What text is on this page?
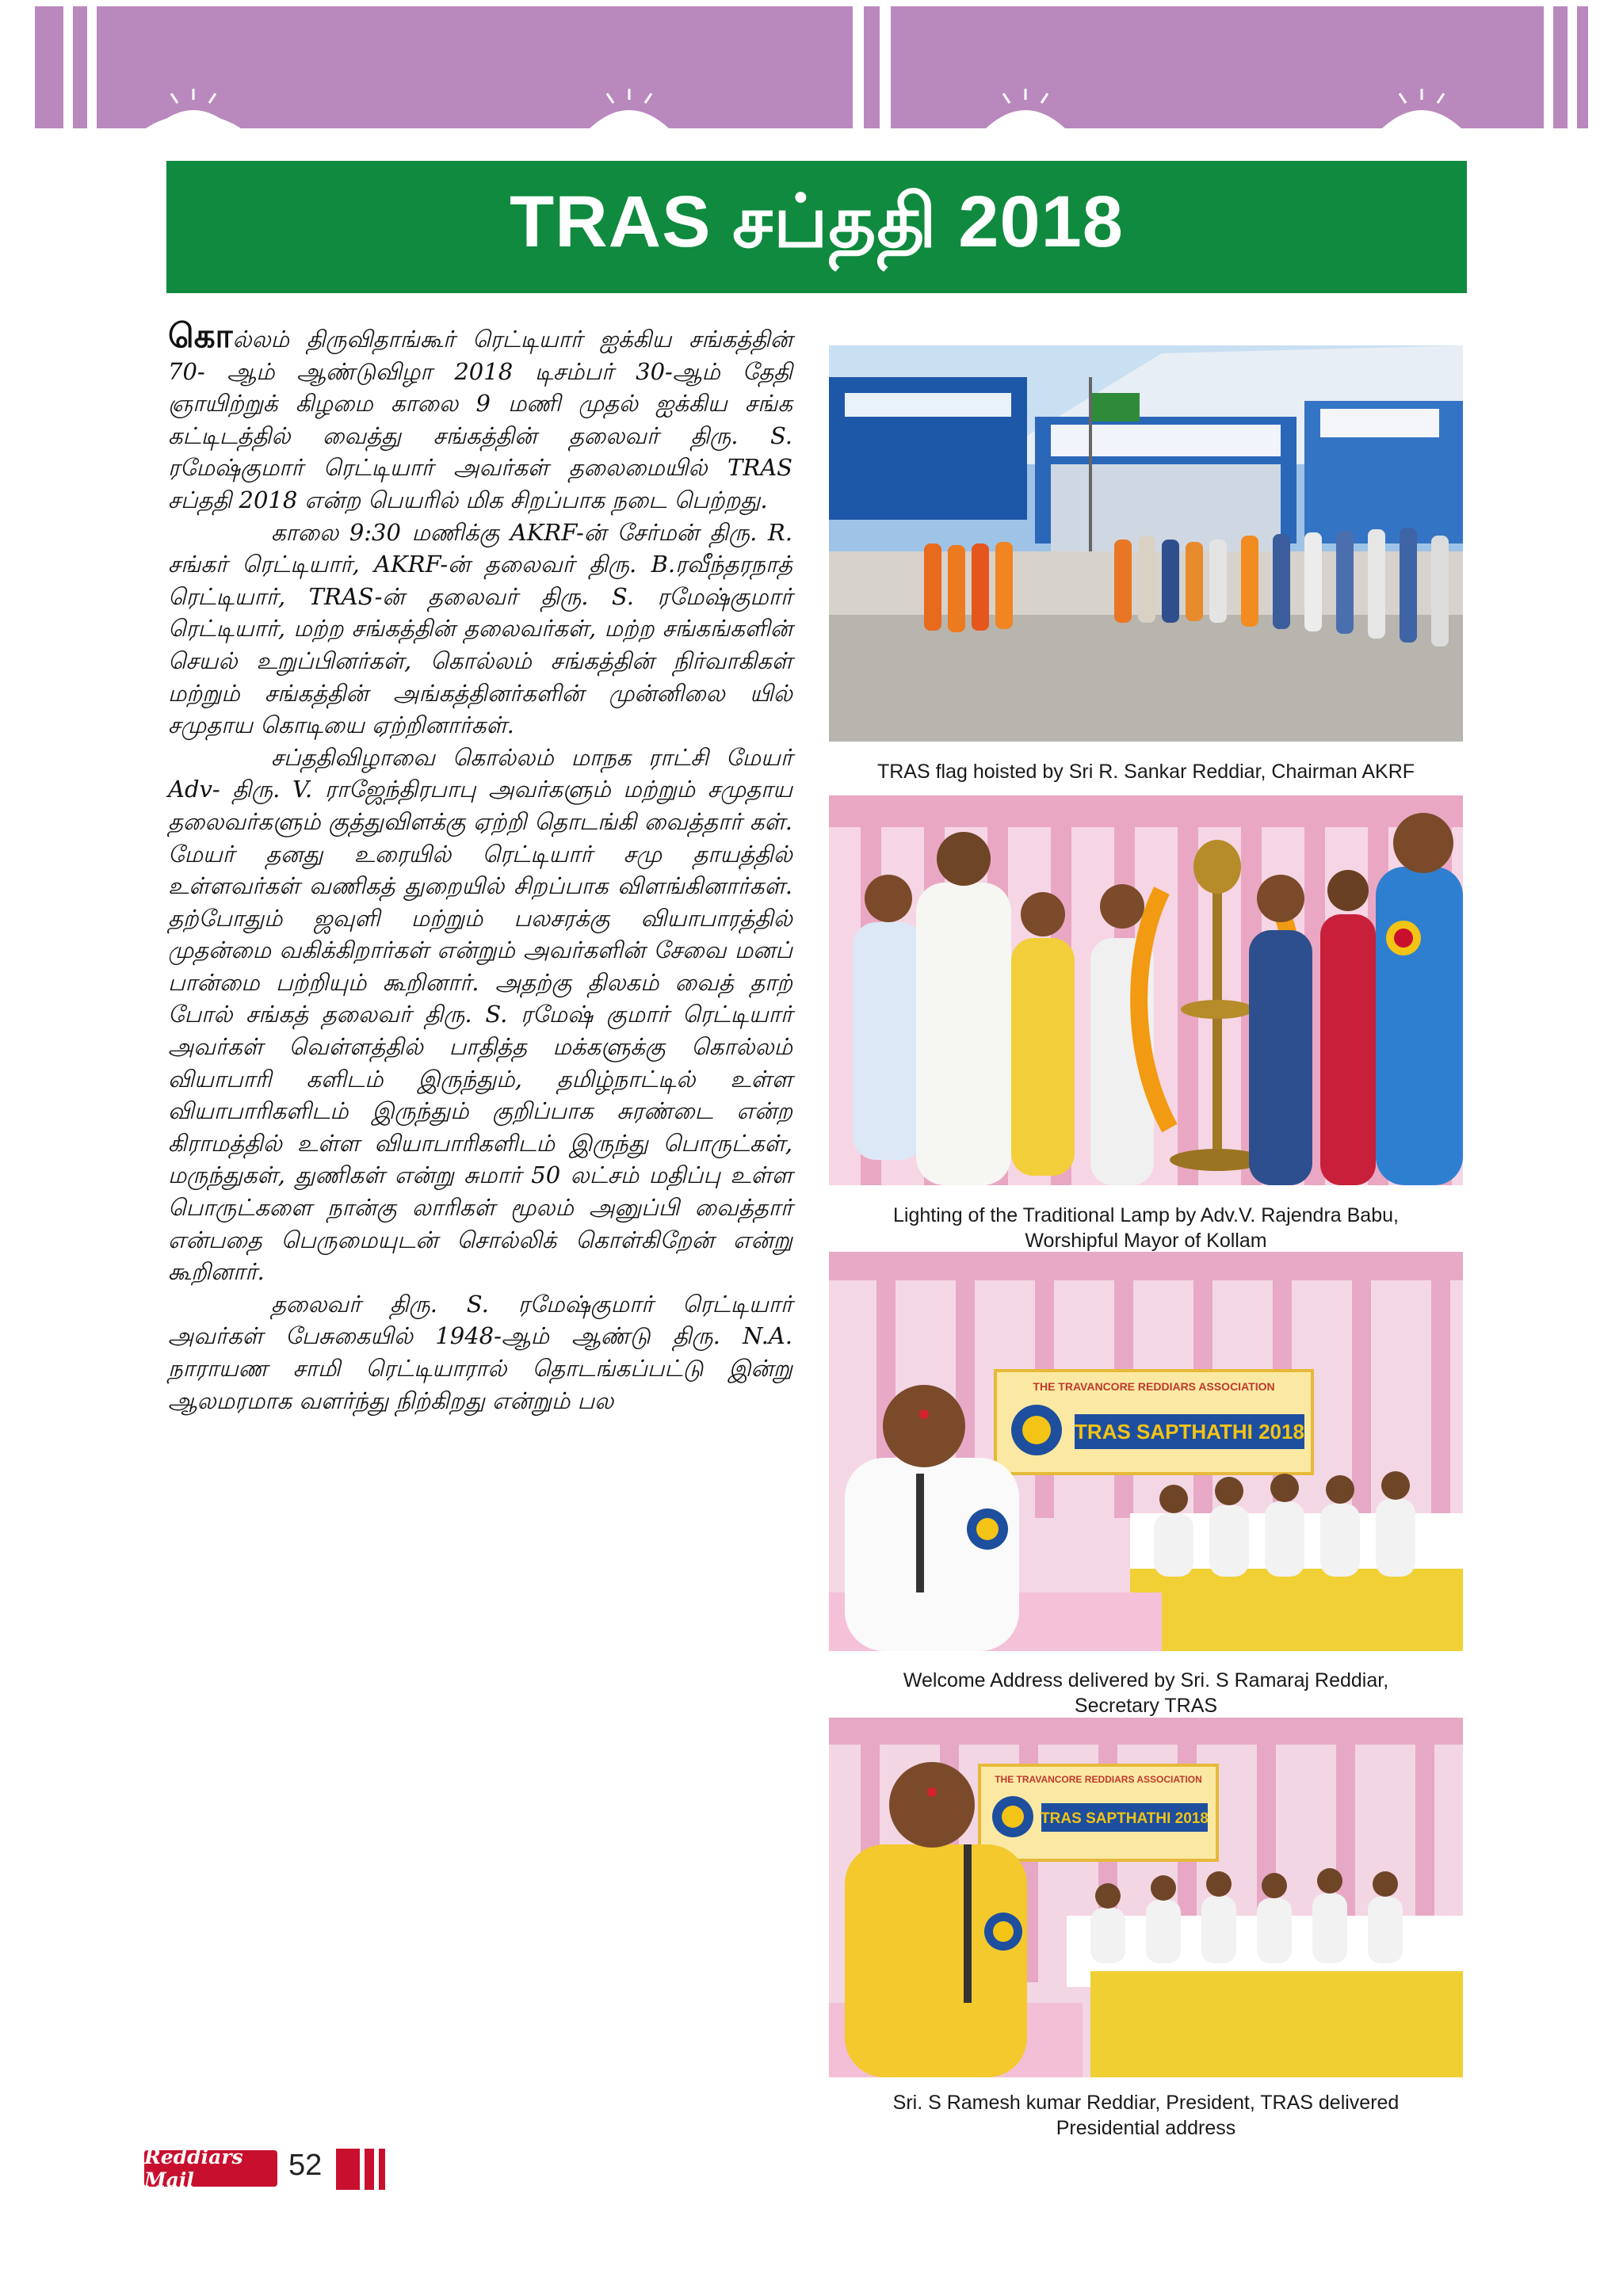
TRAS சப்ததி 2018

கொல்லம் திருவிதாங்கூர் ரெட்டியார் ஐக்கிய சங்கத்தின் 70- ஆம் ஆண்டுவிழா 2018 டிசம்பர் 30-ஆம் தேதி ஞாயிற்றுக் கிழமை காலை 9 மணி முதல் ஐக்கிய சங்க கட்டிடத்தில் வைத்து சங்கத்தின் தலைவர் திரு. S. ரமேஷ்குமார் ரெட்டியார் அவர்கள் தலைமையில் TRAS சப்ததி 2018 என்ற பெயரில் மிக சிறப்பாக நடை பெற்றது.

காலை 9:30 மணிக்கு AKRF-ன் சேர்மன் திரு. R. சங்கர் ரெட்டியார், AKRF-ன் தலைவர் திரு. B.ரவீந்தரநாத் ரெட்டியார், TRAS-ன் தலைவர் திரு. S. ரமேஷ்குமார் ரெட்டியார், மற்ற சங்கத்தின் தலைவர்கள், மற்ற சங்கங்களின் செயல் உறுப்பினர்கள், கொல்லம் சங்கத்தின் நிர்வாகிகள் மற்றும் சங்கத்தின் அங்கத்தினர்களின் முன்னிலை யில் சமுதாய கொடியை ஏற்றினார்கள்.

சப்ததிவிழாவை கொல்லம் மாநக ராட்சி மேயர் Adv- திரு. V. ராஜேந்திரபாபு அவர்களும் மற்றும் சமுதாய தலைவர்களும் குத்துவிளக்கு ஏற்றி தொடங்கி வைத்தார் கள். மேயர் தனது உரையில் ரெட்டியார் சமு தாயத்தில் உள்ளவர்கள் வணிகத் துறையில் சிறப்பாக விளங்கினார்கள். தற்போதும் ஜவுளி மற்றும் பலசரக்கு வியாபாரத்தில் முதன்மை வகிக்கிறார்கள் என்றும் அவர்களின் சேவை மனப் பான்மை பற்றியும் கூறினார். அதற்கு திலகம் வைத் தாற் போல் சங்கத் தலைவர் திரு. S. ரமேஷ் குமார் ரெட்டியார் அவர்கள் வெள்ளத்தில் பாதித்த மக்களுக்கு கொல்லம் வியாபாரி களிடம் இருந்தும், தமிழ்நாட்டில் உள்ள வியாபாரிகளிடம் இருந்தும் குறிப்பாக சுரண்டை என்ற கிராமத்தில் உள்ள வியாபாரிகளிடம் இருந்து பொருட்கள், மருந்துகள், துணிகள் என்று சுமார் 50 லட்சம் மதிப்பு உள்ள பொருட்களை நான்கு லாரிகள் மூலம் அனுப்பி வைத்தார் என்பதை பெருமையுடன் சொல்லிக் கொள்கிறேன் என்று கூறினார்.

தலைவர் திரு. S. ரமேஷ்குமார் ரெட்டியார் அவர்கள் பேசுகையில் 1948-ஆம் ஆண்டு திரு. N.A. நாராயண சாமி ரெட்டியாரால் தொடங்கப்பட்டு இன்று ஆலமரமாக வளர்ந்து நிற்கிறது என்றும் பல

TRAS flag hoisted by Sri R. Sankar Reddiar, Chairman AKRF
Lighting of the Traditional Lamp by Adv.V. Rajendra Babu,
Worshipful Mayor of Kollam
THE TRAVANCORE REDDIARS ASSOCIATION
TRAS SAPTHATHI 2018
Welcome Address delivered by Sri. S Ramaraj Reddiar,
Secretary TRAS
THE TRAVANCORE REDDIARS ASSOCIATION
TRAS SAPTHATHI 2018
Sri. S Ramesh kumar Reddiar, President, TRAS delivered
Presidential address
Reddiars Mail	52
